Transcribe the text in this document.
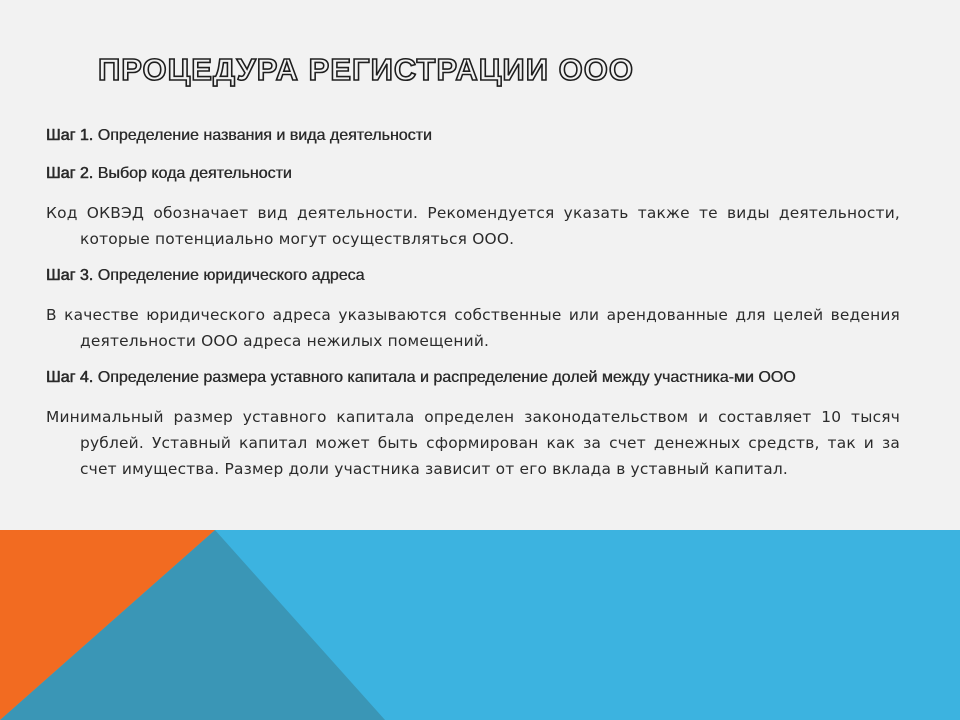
ПРОЦЕДУРА РЕГИСТРАЦИИ ООО

Шаг 1. Определение названия и вида деятельности

Шаг 2. Выбор кода деятельности

Код ОКВЭД обозначает вид деятельности. Рекомендуется указать также те виды деятельности, которые потенциально могут осуществляться ООО.

Шаг 3. Определение юридического адреса

В качестве юридического адреса указываются собственные или арендованные для целей ведения деятельности ООО адреса нежилых помещений.

Шаг 4. Определение размера уставного капитала и распределение долей между участника-ми ООО

Минимальный размер уставного капитала определен законодательством и составляет 10 тысяч рублей. Уставный капитал может быть сформирован как за счет денежных средств, так и за счет имущества. Размер доли участника зависит от его вклада в уставный капитал.
